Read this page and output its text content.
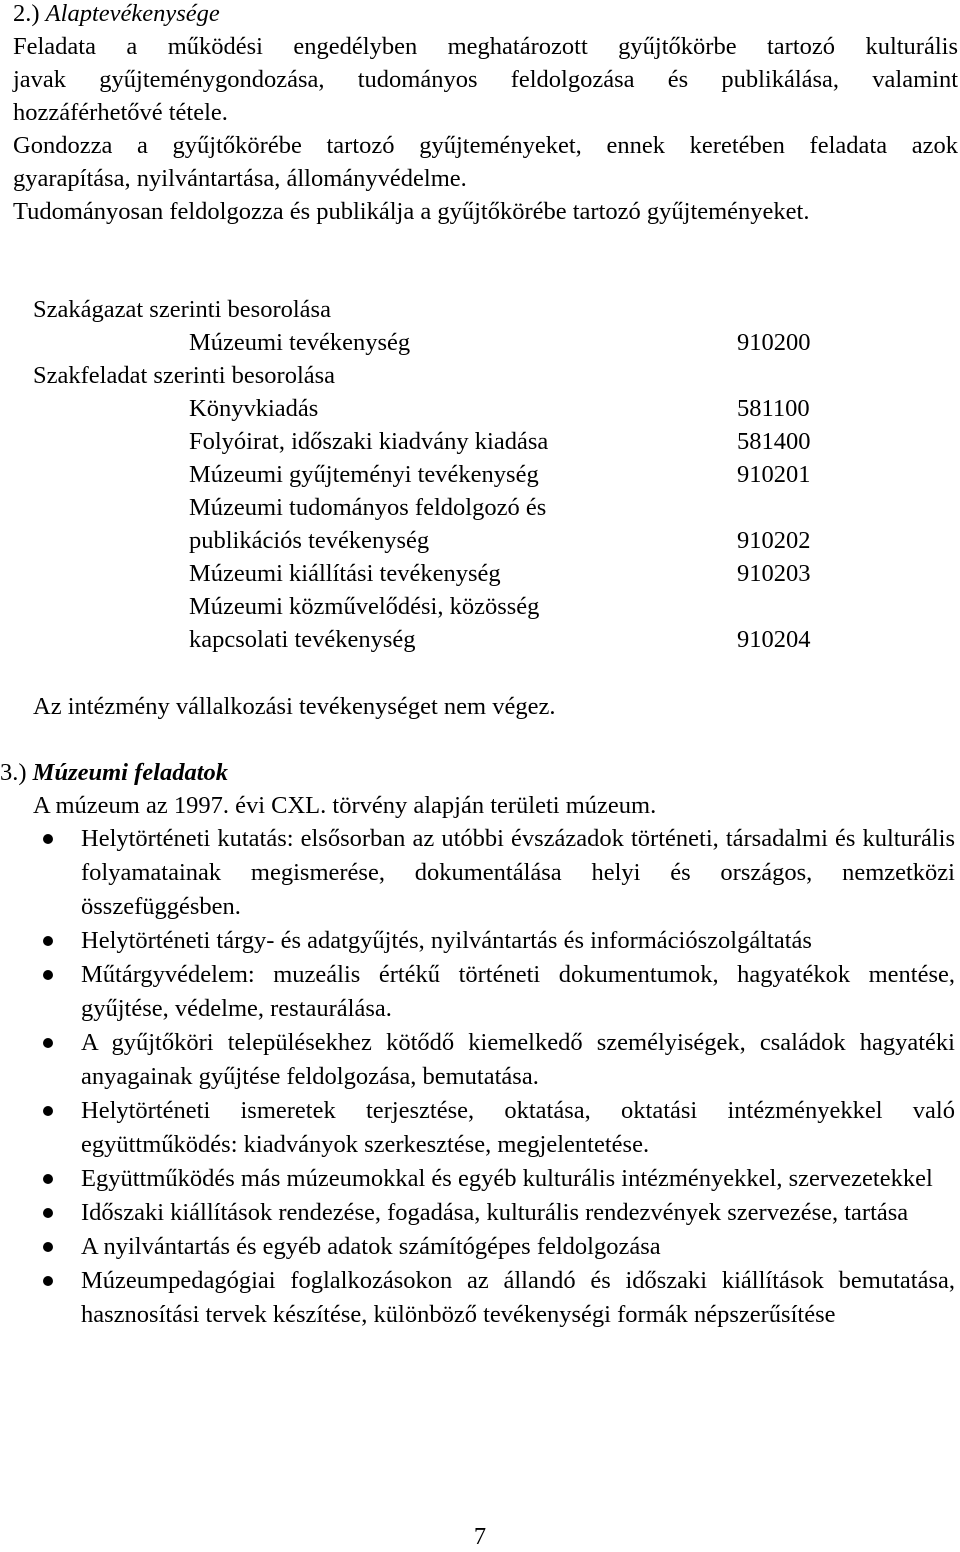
2.) Alaptevékenysége
Feladata a működési engedélyben meghatározott gyűjtőkörbe tartozó kulturális
javak gyűjteménygondozása, tudományos feldolgozása és publikálása, valamint
hozzáférhetővé tétele.
Gondozza a gyűjtőkörébe tartozó gyűjteményeket, ennek keretében feladata azok
gyarapítása, nyilvántartása, állományvédelme.
Tudományosan feldolgozza és publikálja a gyűjtőkörébe tartozó gyűjteményeket.
Szakágazat szerinti besorolása
Múzeumi tevékenység	910200
Szakfeladat szerinti besorolása
Könyvkiadás	581100
Folyóirat, időszaki kiadvány kiadása	581400
Múzeumi gyűjteményi tevékenység	910201
Múzeumi tudományos feldolgozó és
publikációs tevékenység	910202
Múzeumi kiállítási tevékenység	910203
Múzeumi közművelődési, közösség
kapcsolati tevékenység	910204
Az intézmény vállalkozási tevékenységet nem végez.
3.) Múzeumi feladatok
A múzeum az 1997. évi CXL. törvény alapján területi múzeum.
Helytörténeti kutatás: elsősorban az utóbbi évszázadok történeti, társadalmi és kulturális folyamatainak megismerése, dokumentálása helyi és országos, nemzetközi összefüggésben.
Helytörténeti tárgy- és adatgyűjtés, nyilvántartás és információszolgáltatás
Műtárgyvédelem: muzeális értékű történeti dokumentumok, hagyatékok mentése, gyűjtése, védelme, restaurálása.
A gyűjtőköri településekhez kötődő kiemelkedő személyiségek, családok hagyatéki anyagainak gyűjtése feldolgozása, bemutatása.
Helytörténeti ismeretek terjesztése, oktatása, oktatási intézményekkel való együttműködés: kiadványok szerkesztése, megjelentetése.
Együttműködés más múzeumokkal és egyéb kulturális intézményekkel, szervezetekkel
Időszaki kiállítások rendezése, fogadása, kulturális rendezvények szervezése, tartása
A nyilvántartás és egyéb adatok számítógépes feldolgozása
Múzeumpedagógiai foglalkozásokon az állandó és időszaki kiállítások bemutatása, hasznosítási tervek készítése, különböző tevékenységi formák népszerűsítése
7
